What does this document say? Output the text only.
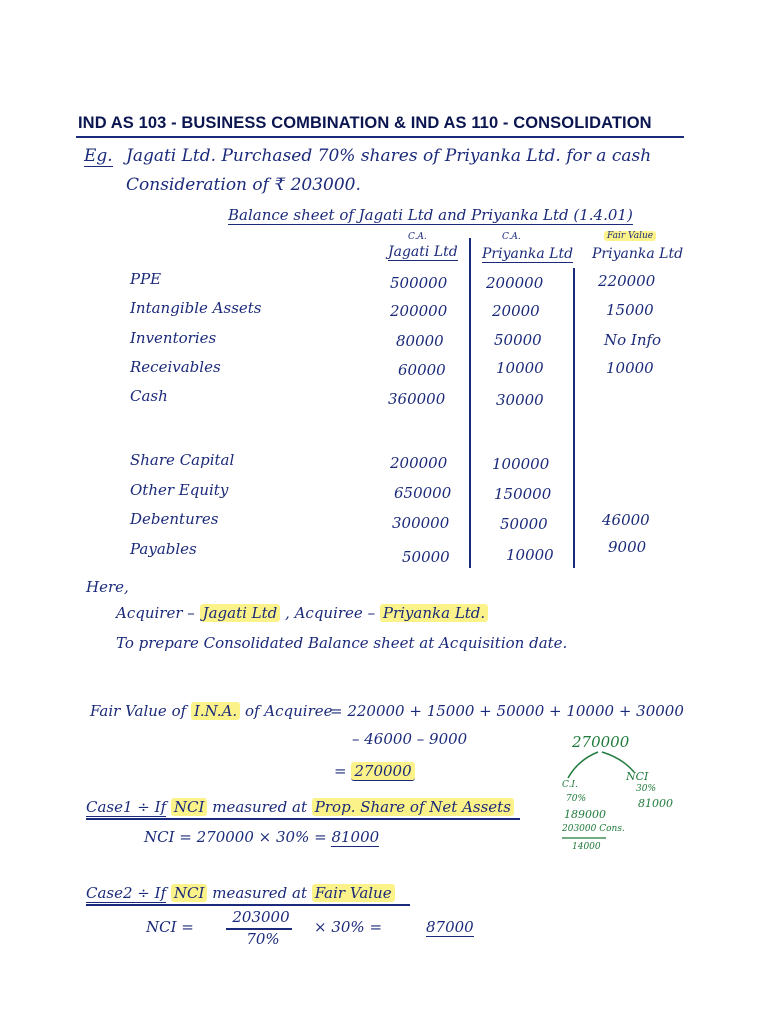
IND AS 103 - BUSINESS COMBINATION & IND AS 110 - CONSOLIDATION
Eg. Jagati Ltd. Purchased 70% shares of Priyanka Ltd. for a cash
Consideration of ₹ 203000.
Balance sheet of Jagati Ltd and Priyanka Ltd (1.4.01)
C.A.
Jagati Ltd
C.A.
Priyanka Ltd
Fair Value
Priyanka Ltd
PPE	500000	200000	220000
Intangible Assets	200000	20000	15000
Inventories	80000	50000	No Info
Receivables	60000	10000	10000
Cash	360000	30000
Share Capital	200000	100000
Other Equity	650000	150000
Debentures	300000	50000	46000
Payables	50000	10000	9000
Here,
Acquirer – Jagati Ltd , Acquiree – Priyanka Ltd.
To prepare Consolidated Balance sheet at Acquisition date.
Fair Value of I.N.A. of Acquiree
= 220000 + 15000 + 50000 + 10000 + 30000
– 46000 – 9000
= 270000
270000
C.I.
70%
189000
203000 Cons.
14000
NCI
30%
81000
Case1 ÷ If NCI measured at Prop. Share of Net Assets
NCI = 270000 × 30% = 81000
Case2 ÷ If NCI measured at Fair Value
NCI =
203000
70%
× 30% =	87000
